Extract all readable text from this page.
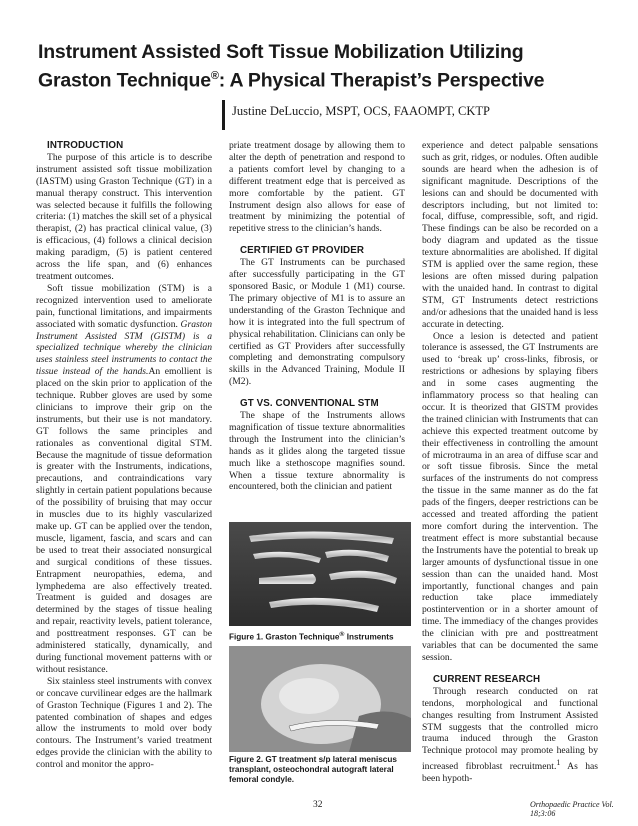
Instrument Assisted Soft Tissue Mobilization Utilizing
Graston Technique®: A Physical Therapist’s Perspective
Justine DeLuccio, MSPT, OCS, FAAOMPT, CKTP

INTRODUCTION

The purpose of this article is to describe instrument assisted soft tissue mobilization (IASTM) using Graston Technique (GT) in a manual therapy construct. This intervention was selected because it fulfills the following criteria: (1) matches the skill set of a physical therapist, (2) has practical clinical value, (3) is efficacious, (4) follows a clinical decision making paradigm, (5) is patient centered across the life span, and (6) enhances treatment outcomes.

Soft tissue mobilization (STM) is a recognized intervention used to ameliorate pain, functional limitations, and impairments associated with somatic dysfunction. Graston Instrument Assisted STM (GISTM) is a specialized technique whereby the clinician uses stainless steel instruments to contact the tissue instead of the hands.An emollient is placed on the skin prior to application of the technique. Rubber gloves are used by some clinicians to improve their grip on the instruments, but their use is not mandatory. GT follows the same principles and rationales as conventional digital STM. Because the magnitude of tissue deformation is greater with the Instruments, indications, precautions, and contraindications vary slightly in certain patient populations because of the possibility of bruising that may occur in muscles due to its highly vascularized make up. GT can be applied over the tendon, muscle, ligament, fascia, and scars and can be used to treat their associated nonsurgical and surgical conditions of these tissues. Entrapment neuropathies, edema, and lymphedema are also effectively treated. Treatment is guided and dosages are determined by the stages of tissue healing and repair, reactivity levels, patient tolerance, and posttreatment responses. GT can be administered statically, dynamically, and during functional movement patterns with or without resistance.

Six stainless steel instruments with convex or concave curvilinear edges are the hallmark of Graston Technique (Figures 1 and 2). The patented combination of shapes and edges allow the instruments to mold over body contours. The Instrument’s varied treatment edges provide the clinician with the ability to control and monitor the appro-

priate treatment dosage by allowing them to alter the depth of penetration and respond to a patients comfort level by changing to a different treatment edge that is perceived as more comfortable by the patient. GT Instrument design also allows for ease of treatment by minimizing the potential of repetitive stress to the clinician’s hands.

CERTIFIED GT PROVIDER

The GT Instruments can be purchased after successfully participating in the GT sponsored Basic, or Module 1 (M1) course. The primary objective of M1 is to assure an understanding of the Graston Technique and how it is integrated into the full spectrum of physical rehabilitation. Clinicians can only be certified as GT Providers after successfully completing and demonstrating compulsory skills in the Advanced Training, Module II (M2).

GT VS. CONVENTIONAL STM

The shape of the Instruments allows magnification of tissue texture abnormalities through the Instrument into the clinician’s hands as it glides along the targeted tissue much like a stethoscope magnifies sound. When a tissue texture abnormality is encountered, both the clinician and patient

Figure 1. Graston Technique® Instruments
Figure 2. GT treatment s/p lateral meniscus transplant, osteochondral autograft lateral femoral condyle.

experience and detect palpable sensations such as grit, ridges, or nodules. Often audible sounds are heard when the adhesion is of significant magnitude. Descriptions of the lesions can and should be documented with descriptors including, but not limited to: focal, diffuse, compressible, soft, and rigid. These findings can be also be recorded on a body diagram and updated as the tissue texture abnormalities are abolished. If digital STM is applied over the same region, these lesions are often missed during palpation with the unaided hand. In contrast to digital STM, GT Instruments detect restrictions and/or adhesions that the unaided hand is less accurate in detecting.

Once a lesion is detected and patient tolerance is assessed, the GT Instruments are used to ‘break up’ cross-links, fibrosis, or restrictions or adhesions by splaying fibers and in some cases augmenting the inflammatory process so that healing can occur. It is theorized that GISTM provides the trained clinician with Instruments that can achieve this expected treatment outcome by their effectiveness in controlling the amount of microtrauma in an area of diffuse scar and or soft tissue fibrosis. Since the metal surfaces of the instruments do not compress the tissue in the same manner as do the fat pads of the fingers, deeper restrictions can be accessed and treated affording the patient more comfort during the intervention. The treatment effect is more substantial because the Instruments have the potential to break up larger amounts of dysfunctional tissue in one session than can the unaided hand. Most importantly, functional changes and pain reduction take place immediately postintervention or in a shorter amount of time. The immediacy of the changes provides the clinician with pre and posttreatment variables that can be documented the same session.

CURRENT RESEARCH

Through research conducted on rat tendons, morphological and functional changes resulting from Instrument Assisted STM suggests that the controlled micro trauma induced through the Graston Technique protocol may promote healing by increased fibroblast recruitment.$^1$ As has been hypoth-

32	Orthopaedic Practice Vol. 18;3:06
